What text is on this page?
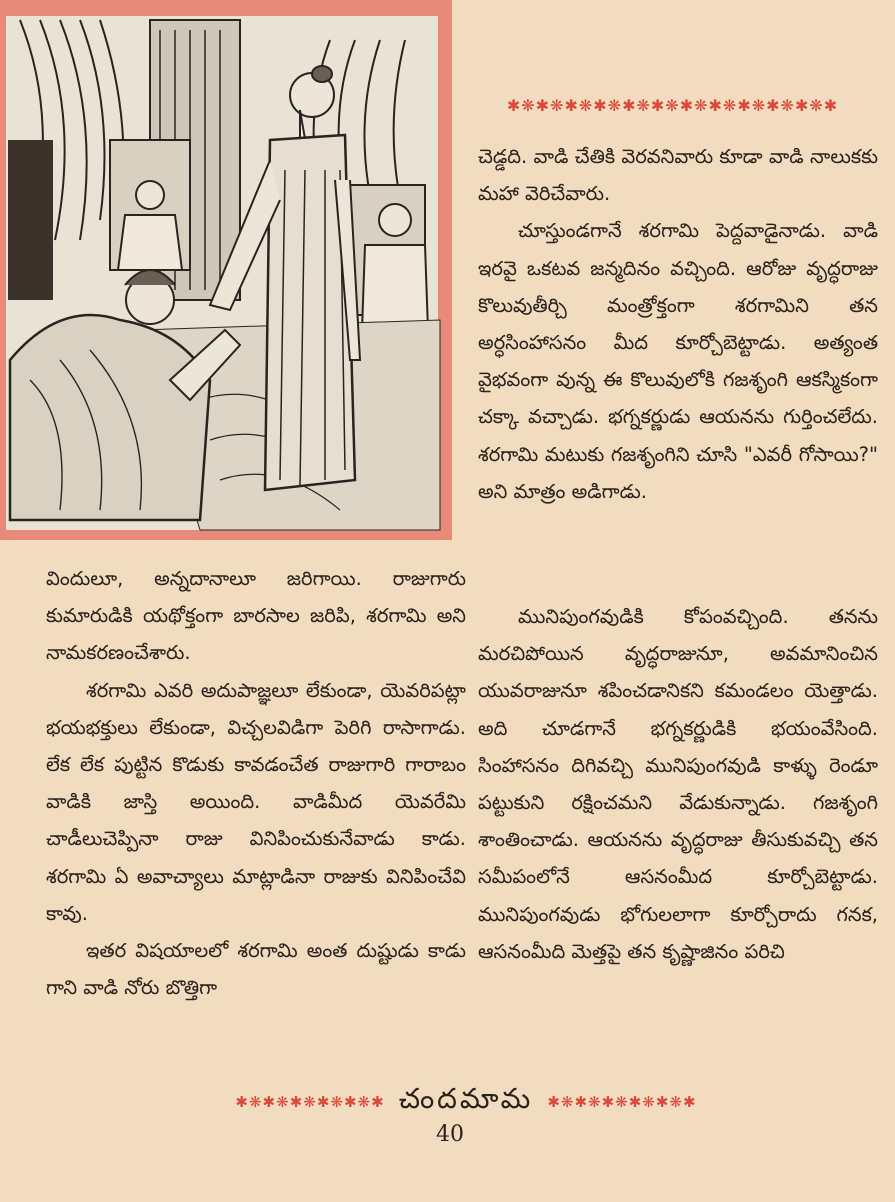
✱❋✱❋✱❋✱❋✱❋✱❋✱❋✱❋✱❋✱❋✱❋✱

చెడ్డది. వాడి చేతికి వెరవనివారు కూడా వాడి నాలుకకు మహా వెరిచేవారు.

చూస్తుండగానే శరగామి పెద్దవాడైనాడు. వాడి ఇరవై ఒకటవ జన్మదినం వచ్చింది. ఆరోజు వృద్ధరాజు కొలువుతీర్చి మంత్రోక్తంగా శరగామిని తన అర్ధసింహాసనం మీద కూర్చోబెట్టాడు. అత్యంత వైభవంగా వున్న ఈ కొలువులోకి గజశృంగి ఆకస్మికంగా చక్కా వచ్చాడు. భగ్నకర్ణుడు ఆయనను గుర్తించలేదు. శరగామి మటుకు గజశృంగిని చూసి "ఎవరీ గోసాయి?" అని మాత్రం అడిగాడు.

మునిపుంగవుడికి కోపంవచ్చింది. తనను మరచిపోయిన వృద్ధరాజునూ, అవమానించిన యువరాజునూ శపించడానికని కమండలం యెత్తాడు. అది చూడగానే భగ్నకర్ణుడికి భయంవేసింది. సింహాసనం దిగివచ్చి మునిపుంగవుడి కాళ్ళు రెండూ పట్టుకుని రక్షించమని వేడుకున్నాడు. గజశృంగి శాంతించాడు. ఆయనను వృద్ధరాజు తీసుకువచ్చి తన సమీపంలోనే ఆసనంమీద కూర్చోబెట్టాడు. మునిపుంగవుడు భోగులలాగా కూర్చోరాదు గనక, ఆసనంమీది మెత్తపై తన కృష్ణాజినం పరిచి

విందులూ, అన్నదానాలూ జరిగాయి. రాజుగారు కుమారుడికి యథోక్తంగా బారసాల జరిపి, శరగామి అని నామకరణంచేశారు.

శరగామి ఎవరి అదుపాజ్ఞలూ లేకుండా, యెవరిపట్లా భయభక్తులు లేకుండా, విచ్చలవిడిగా పెరిగి రాసాగాడు. లేక లేక పుట్టిన కొడుకు కావడంచేత రాజుగారి గారాబం వాడికి జాస్తి అయింది. వాడిమీద యెవరేమి చాడీలుచెప్పినా రాజు వినిపించుకునేవాడు కాడు. శరగామి ఏ అవాచ్యాలు మాట్లాడినా రాజుకు వినిపించేవి కావు.

ఇతర విషయాలలో శరగామి అంత దుష్టుడు కాడు గాని వాడి నోరు బొత్తిగా

✱❋✱❋✱❋✱❋✱❋✱ చందమామ ✱❋✱❋✱❋✱❋✱❋✱
40
